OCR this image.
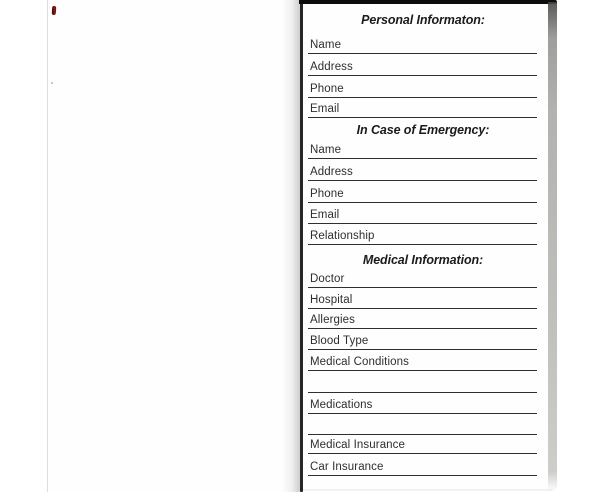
Personal Informaton:
Name
Address
Phone
Email
In Case of Emergency:
Name
Address
Phone
Email
Relationship
Medical Information:
Doctor
Hospital
Allergies
Blood Type
Medical Conditions
Medications
Medical Insurance
Car Insurance
